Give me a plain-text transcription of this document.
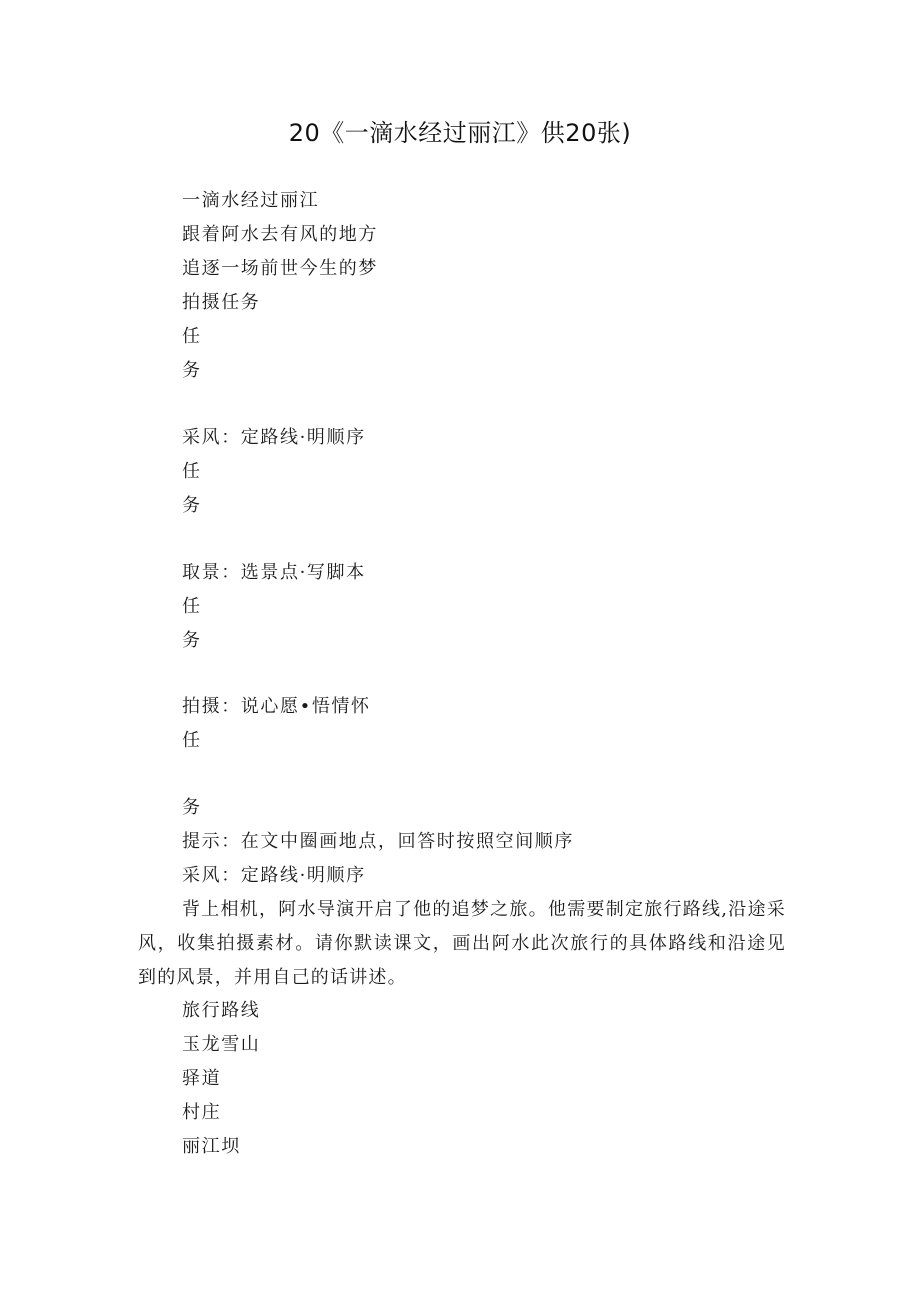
20《一滴水经过丽江》供20张)
一滴水经过丽江
跟着阿水去有风的地方
追逐一场前世今生的梦
拍摄任务
任
务
采风：定路线·明顺序
任
务
取景：选景点·写脚本
任
务
拍摄：说心愿•悟情怀
任
务
提示：在文中圈画地点，回答时按照空间顺序
采风：定路线·明顺序
背上相机，阿水导演开启了他的追梦之旅。他需要制定旅行路线,沿途采风，收集拍摄素材。请你默读课文，画出阿水此次旅行的具体路线和沿途见到的风景，并用自己的话讲述。
旅行路线
玉龙雪山
驿道
村庄
丽江坝
